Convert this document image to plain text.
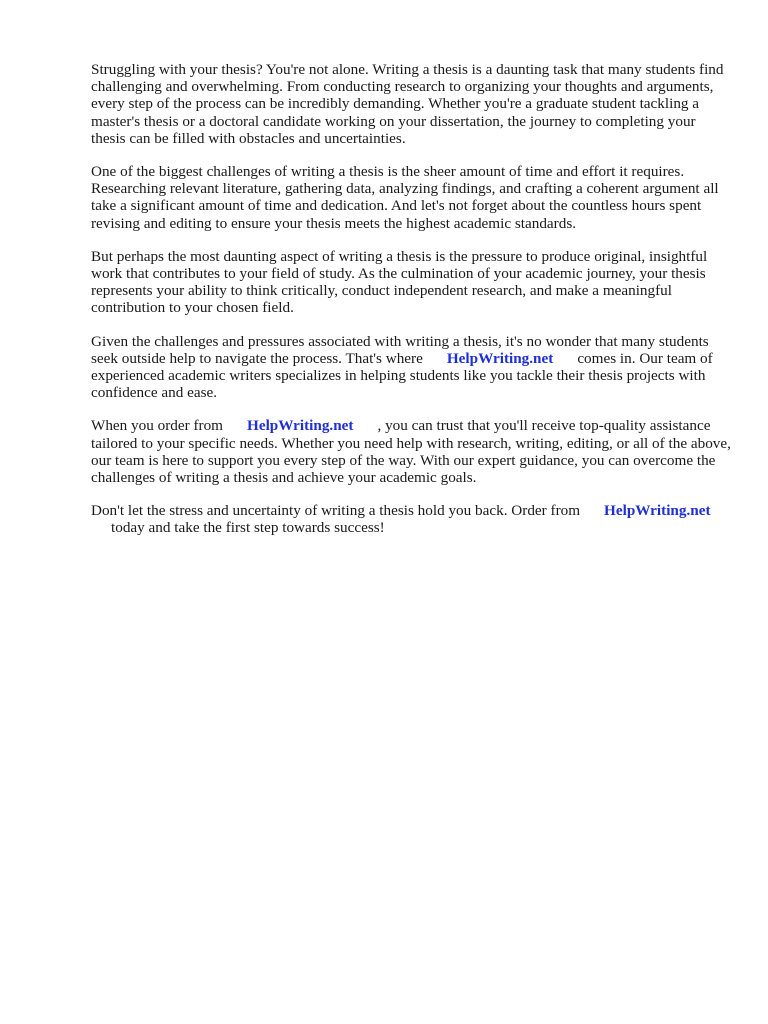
Struggling with your thesis? You're not alone. Writing a thesis is a daunting task that many students find challenging and overwhelming. From conducting research to organizing your thoughts and arguments, every step of the process can be incredibly demanding. Whether you're a graduate student tackling a master's thesis or a doctoral candidate working on your dissertation, the journey to completing your thesis can be filled with obstacles and uncertainties.

One of the biggest challenges of writing a thesis is the sheer amount of time and effort it requires. Researching relevant literature, gathering data, analyzing findings, and crafting a coherent argument all take a significant amount of time and dedication. And let's not forget about the countless hours spent revising and editing to ensure your thesis meets the highest academic standards.

But perhaps the most daunting aspect of writing a thesis is the pressure to produce original, insightful work that contributes to your field of study. As the culmination of your academic journey, your thesis represents your ability to think critically, conduct independent research, and make a meaningful contribution to your chosen field.

Given the challenges and pressures associated with writing a thesis, it's no wonder that many students seek outside help to navigate the process. That's where HelpWriting.net comes in. Our team of experienced academic writers specializes in helping students like you tackle their thesis projects with confidence and ease.

When you order from HelpWriting.net , you can trust that you'll receive top-quality assistance tailored to your specific needs. Whether you need help with research, writing, editing, or all of the above, our team is here to support you every step of the way. With our expert guidance, you can overcome the challenges of writing a thesis and achieve your academic goals.

Don't let the stress and uncertainty of writing a thesis hold you back. Order from HelpWriting.net
today and take the first step towards success!
